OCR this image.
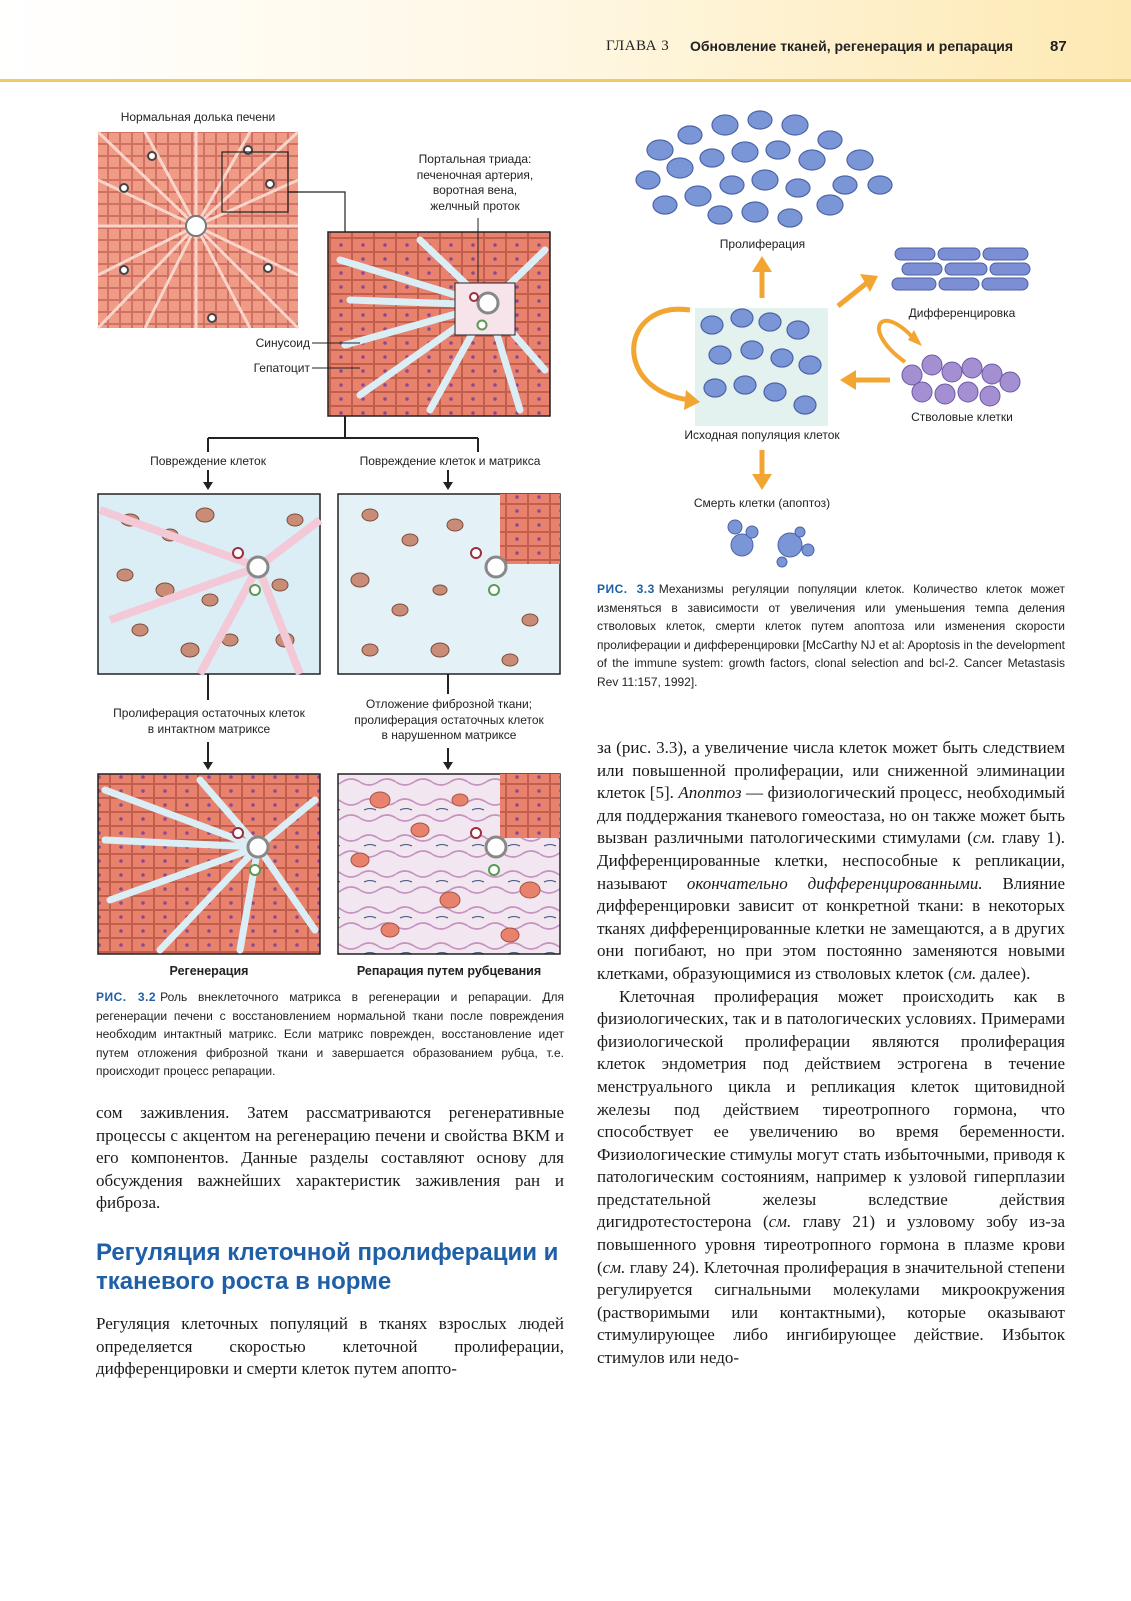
ГЛАВА 3 Обновление тканей, регенерация и репарация 87
Нормальная долька печени
Портальная триада:
печеночная артерия,
воротная вена,
желчный проток
Синусоид
Гепатоцит
Повреждение клеток	Повреждение клеток и матрикса
Пролиферация остаточных клеток
в интактном матриксе
Отложение фиброзной ткани;
пролиферация остаточных клеток
в нарушенном матриксе
Регенерация	Репарация путем рубцевания
РИС. 3.2 Роль внеклеточного матрикса в регенерации и репарации. Для регенерации печени с восстановлением нормальной ткани после повреждения необходим интактный матрикс. Если матрикс поврежден, восстановление идет путем отложения фиброзной ткани и завершается образованием рубца, т.е. происходит процесс репарации.
Пролиферация
Дифференцировка
Стволовые клетки
Исходная популяция клеток
Смерть клетки (апоптоз)
РИС. 3.3 Механизмы регуляции популяции клеток. Количество клеток может изменяться в зависимости от увеличения или уменьшения темпа деления стволовых клеток, смерти клеток путем апоптоза или изменения скорости пролиферации и дифференцировки [McCarthy NJ et al: Apoptosis in the development of the immune system: growth factors, clonal selection and bcl-2. Cancer Metastasis Rev 11:157, 1992].

сом заживления. Затем рассматриваются регенеративные процессы с акцентом на регенерацию печени и свойства ВКМ и его компонентов. Данные разделы составляют основу для обсуждения важнейших характеристик заживления ран и фиброза.

Регуляция клеточной пролиферации и тканевого роста в норме

Регуляция клеточных популяций в тканях взрослых людей определяется скоростью клеточной пролиферации, дифференцировки и смерти клеток путем апопто-

за (рис. 3.3), а увеличение числа клеток может быть следствием или повышенной пролиферации, или сниженной элиминации клеток [5]. Апоптоз — физиологический процесс, необходимый для поддержания тканевого гомеостаза, но он также может быть вызван различными патологическими стимулами (см. главу 1). Дифференцированные клетки, неспособные к репликации, называют окончательно дифференцированными. Влияние дифференцировки зависит от конкретной ткани: в некоторых тканях дифференцированные клетки не замещаются, а в других они погибают, но при этом постоянно заменяются новыми клетками, образующимися из стволовых клеток (см. далее).

Клеточная пролиферация может происходить как в физиологических, так и в патологических условиях. Примерами физиологической пролиферации являются пролиферация клеток эндометрия под действием эстрогена в течение менструального цикла и репликация клеток щитовидной железы под действием тиреотропного гормона, что способствует ее увеличению во время беременности. Физиологические стимулы могут стать избыточными, приводя к патологическим состояниям, например к узловой гиперплазии предстательной железы вследствие действия дигидротестостерона (см. главу 21) и узловому зобу из-за повышенного уровня тиреотропного гормона в плазме крови (см. главу 24). Клеточная пролиферация в значительной степени регулируется сигнальными молекулами микроокружения (растворимыми или контактными), которые оказывают стимулирующее либо ингибирующее действие. Избыток стимулов или недо-
